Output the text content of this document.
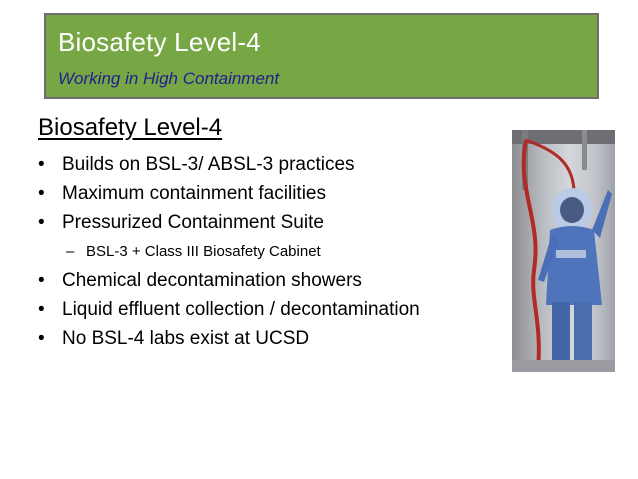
Biosafety Level-4
Working in High Containment
Biosafety Level-4
• Builds on BSL-3/ ABSL-3 practices
• Maximum containment facilities
• Pressurized Containment Suite
– BSL-3 + Class III Biosafety Cabinet
• Chemical decontamination showers
• Liquid effluent collection / decontamination
• No BSL-4 labs exist at UCSD
